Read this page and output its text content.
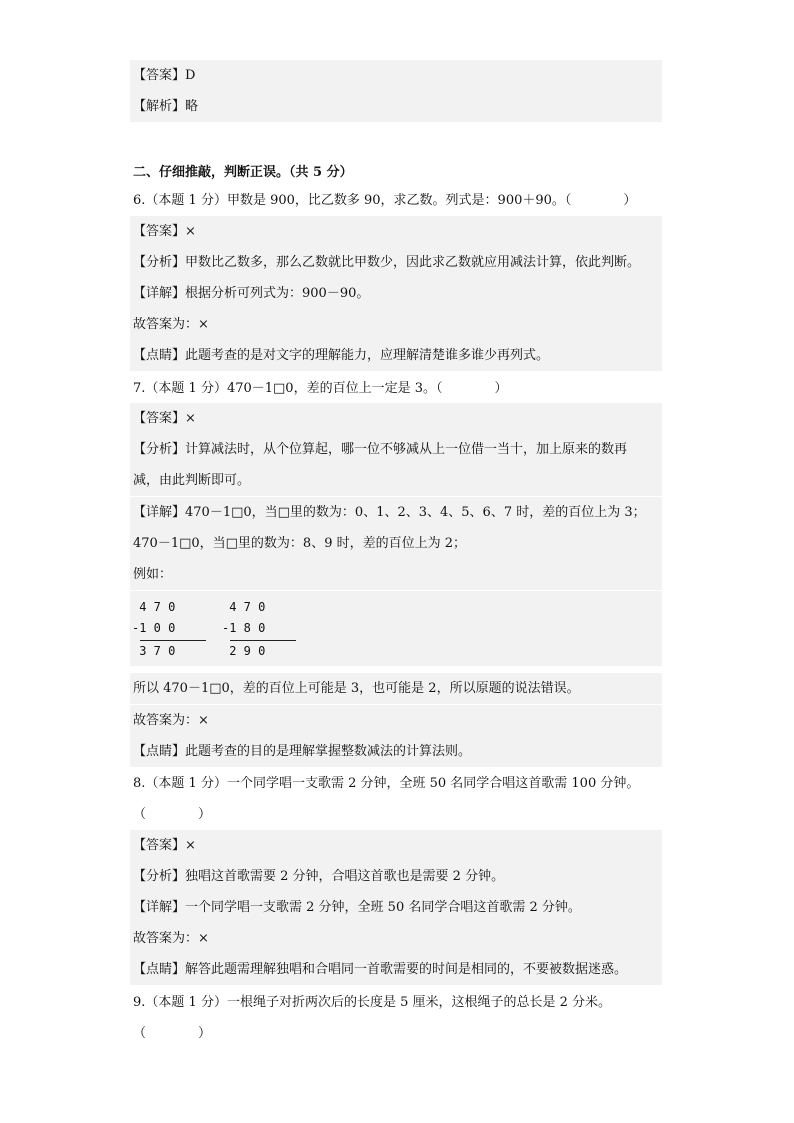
4 7 0
-1 0 0
3 7 0
4 7 0
-1 8 0
2 9 0
【答案】D
【解析】略
二、仔细推敲，判断正误。（共 5 分）
6.（本题 1 分）甲数是 900，比乙数多 90，求乙数。列式是：900＋90。（　　　　）
【答案】×
【分析】甲数比乙数多，那么乙数就比甲数少，因此求乙数就应用减法计算，依此判断。
【详解】根据分析可列式为：900－90。
故答案为：×
【点睛】此题考查的是对文字的理解能力，应理解清楚谁多谁少再列式。
7.（本题 1 分）470－1□0，差的百位上一定是 3。（　　　　）
【答案】×
【分析】计算减法时，从个位算起，哪一位不够减从上一位借一当十，加上原来的数再
减，由此判断即可。
【详解】470－1□0，当□里的数为：0、1、2、3、4、5、6、7 时，差的百位上为 3；
470－1□0，当□里的数为：8、9 时，差的百位上为 2；
例如：
所以 470－1□0，差的百位上可能是 3，也可能是 2，所以原题的说法错误。
故答案为：×
【点睛】此题考查的目的是理解掌握整数减法的计算法则。
8.（本题 1 分）一个同学唱一支歌需 2 分钟，全班 50 名同学合唱这首歌需 100 分钟。
（　　　　）
【答案】×
【分析】独唱这首歌需要 2 分钟，合唱这首歌也是需要 2 分钟。
【详解】一个同学唱一支歌需 2 分钟，全班 50 名同学合唱这首歌需 2 分钟。
故答案为：×
【点睛】解答此题需理解独唱和合唱同一首歌需要的时间是相同的，不要被数据迷惑。
9.（本题 1 分）一根绳子对折两次后的长度是 5 厘米，这根绳子的总长是 2 分米。
（　　　　）
